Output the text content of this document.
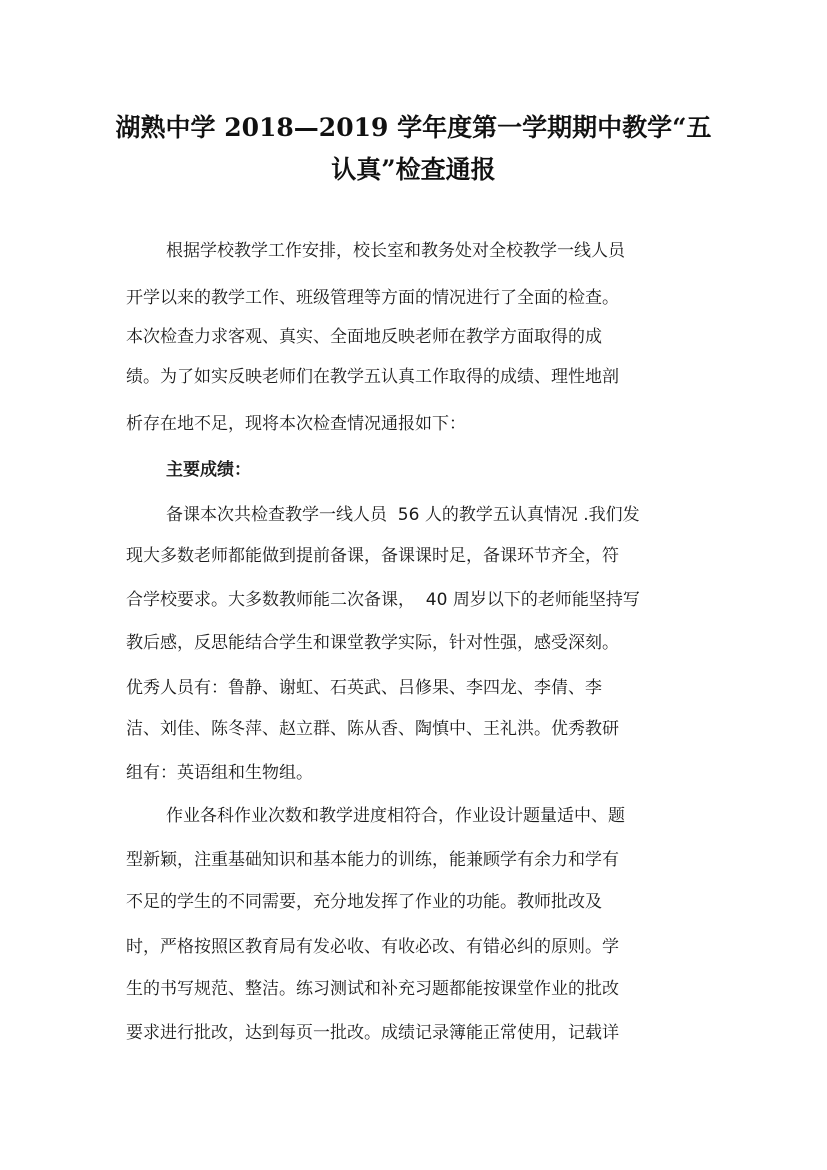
湖熟中学 2018—2019 学年度第一学期期中教学“五
认真”检查通报
根据学校教学工作安排，校长室和教务处对全校教学一线人员
开学以来的教学工作、班级管理等方面的情况进行了全面的检查。
本次检查力求客观、真实、全面地反映老师在教学方面取得的成
绩。为了如实反映老师们在教学五认真工作取得的成绩、理性地剖
析存在地不足，现将本次检查情况通报如下：
主要成绩：
备课本次共检查教学一线人员  56 人的教学五认真情况 .我们发
现大多数老师都能做到提前备课，备课课时足，备课环节齐全，符
合学校要求。大多数教师能二次备课，  40 周岁以下的老师能坚持写
教后感，反思能结合学生和课堂教学实际，针对性强，感受深刻。
优秀人员有：鲁静、谢虹、石英武、吕修果、李四龙、李倩、李
洁、刘佳、陈冬萍、赵立群、陈从香、陶慎中、王礼洪。优秀教研
组有：英语组和生物组。
作业各科作业次数和教学进度相符合，作业设计题量适中、题
型新颖，注重基础知识和基本能力的训练，能兼顾学有余力和学有
不足的学生的不同需要，充分地发挥了作业的功能。教师批改及
时，严格按照区教育局有发必收、有收必改、有错必纠的原则。学
生的书写规范、整洁。练习测试和补充习题都能按课堂作业的批改
要求进行批改，达到每页一批改。成绩记录簿能正常使用，记载详
